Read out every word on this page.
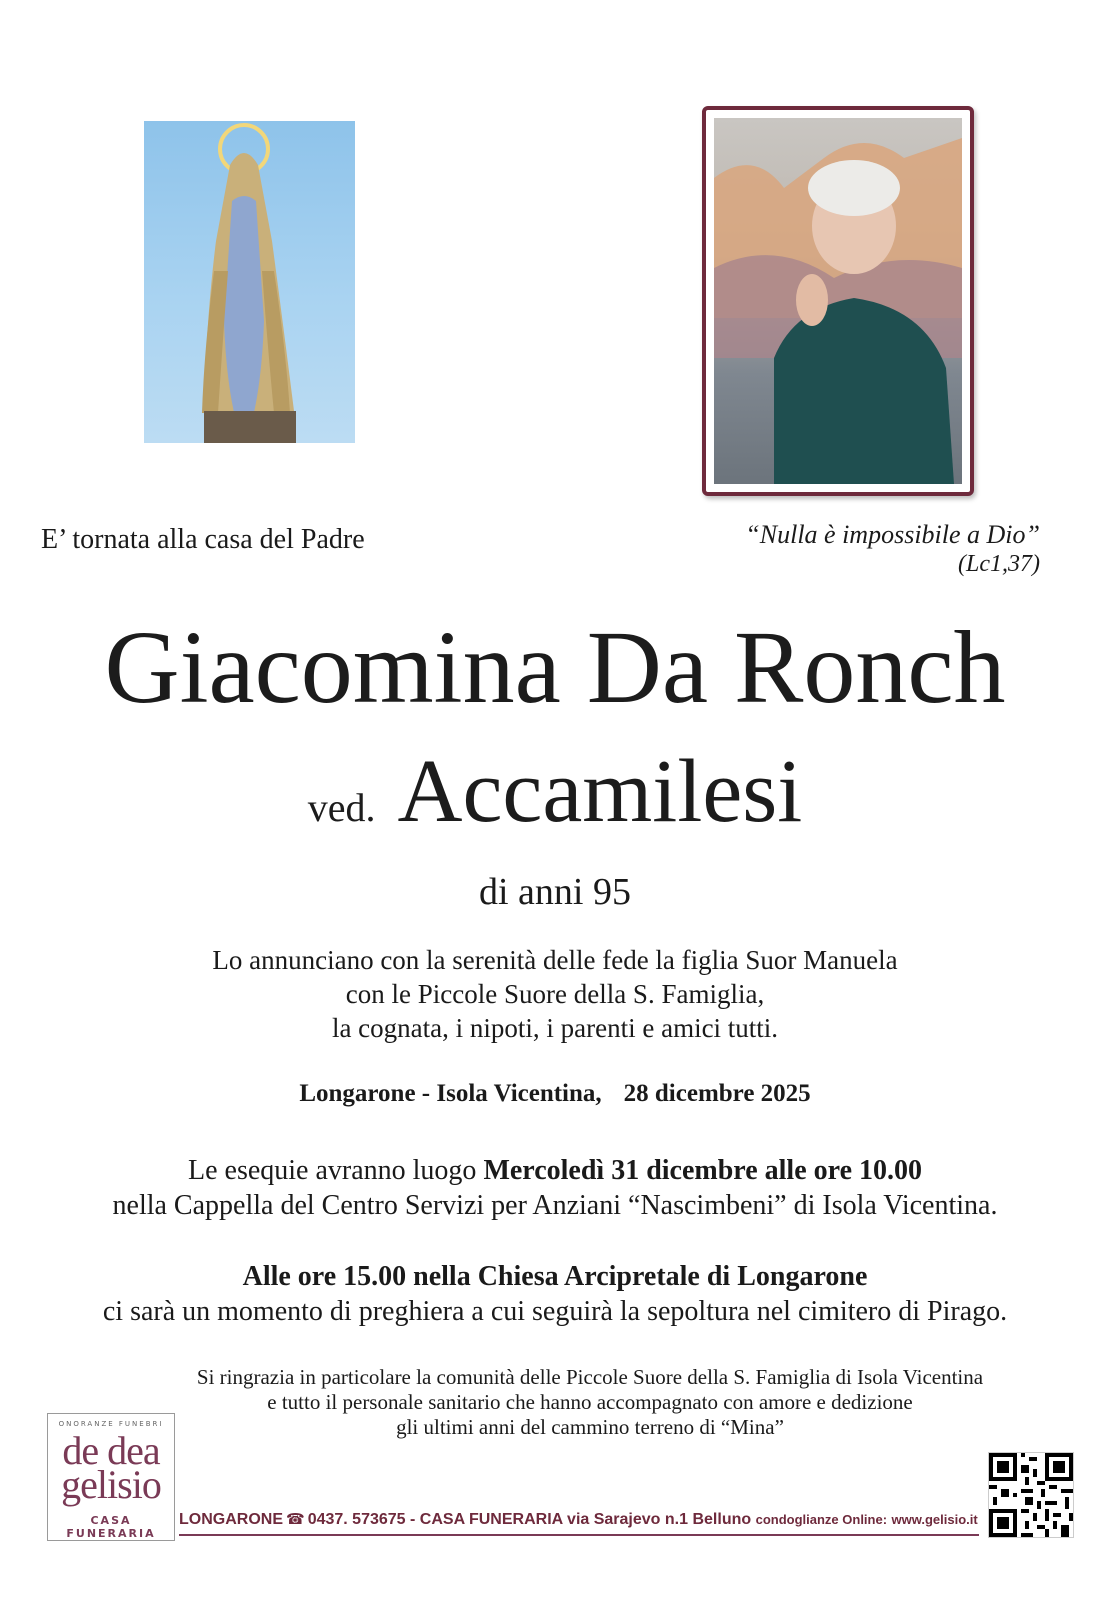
E’ tornata alla casa del Padre	“Nulla è impossibile a Dio”
(Lc1,37)
Giacomina Da Ronch
ved. Accamilesi
di anni 95
Lo annunciano con la serenità delle fede la figlia Suor Manuela
con le Piccole Suore della S. Famiglia,
la cognata, i nipoti, i parenti e amici tutti.
Longarone - Isola Vicentina, 28 dicembre 2025
Le esequie avranno luogo Mercoledì 31 dicembre alle ore 10.00
nella Cappella del Centro Servizi per Anziani “Nascimbeni” di Isola Vicentina.
Alle ore 15.00 nella Chiesa Arcipretale di Longarone
ci sarà un momento di preghiera a cui seguirà la sepoltura nel cimitero di Pirago.
Si ringrazia in particolare la comunità delle Piccole Suore della S. Famiglia di Isola Vicentina
e tutto il personale sanitario che hanno accompagnato con amore e dedizione
gli ultimi anni del cammino terreno di “Mina”
ONORANZE FUNEBRI
de dea
gelisio
CASA FUNERARIA
LONGARONE ☎ 0437. 573675 - CASA FUNERARIA via Sarajevo n.1 Belluno condoglianze Online: www.gelisio.it
